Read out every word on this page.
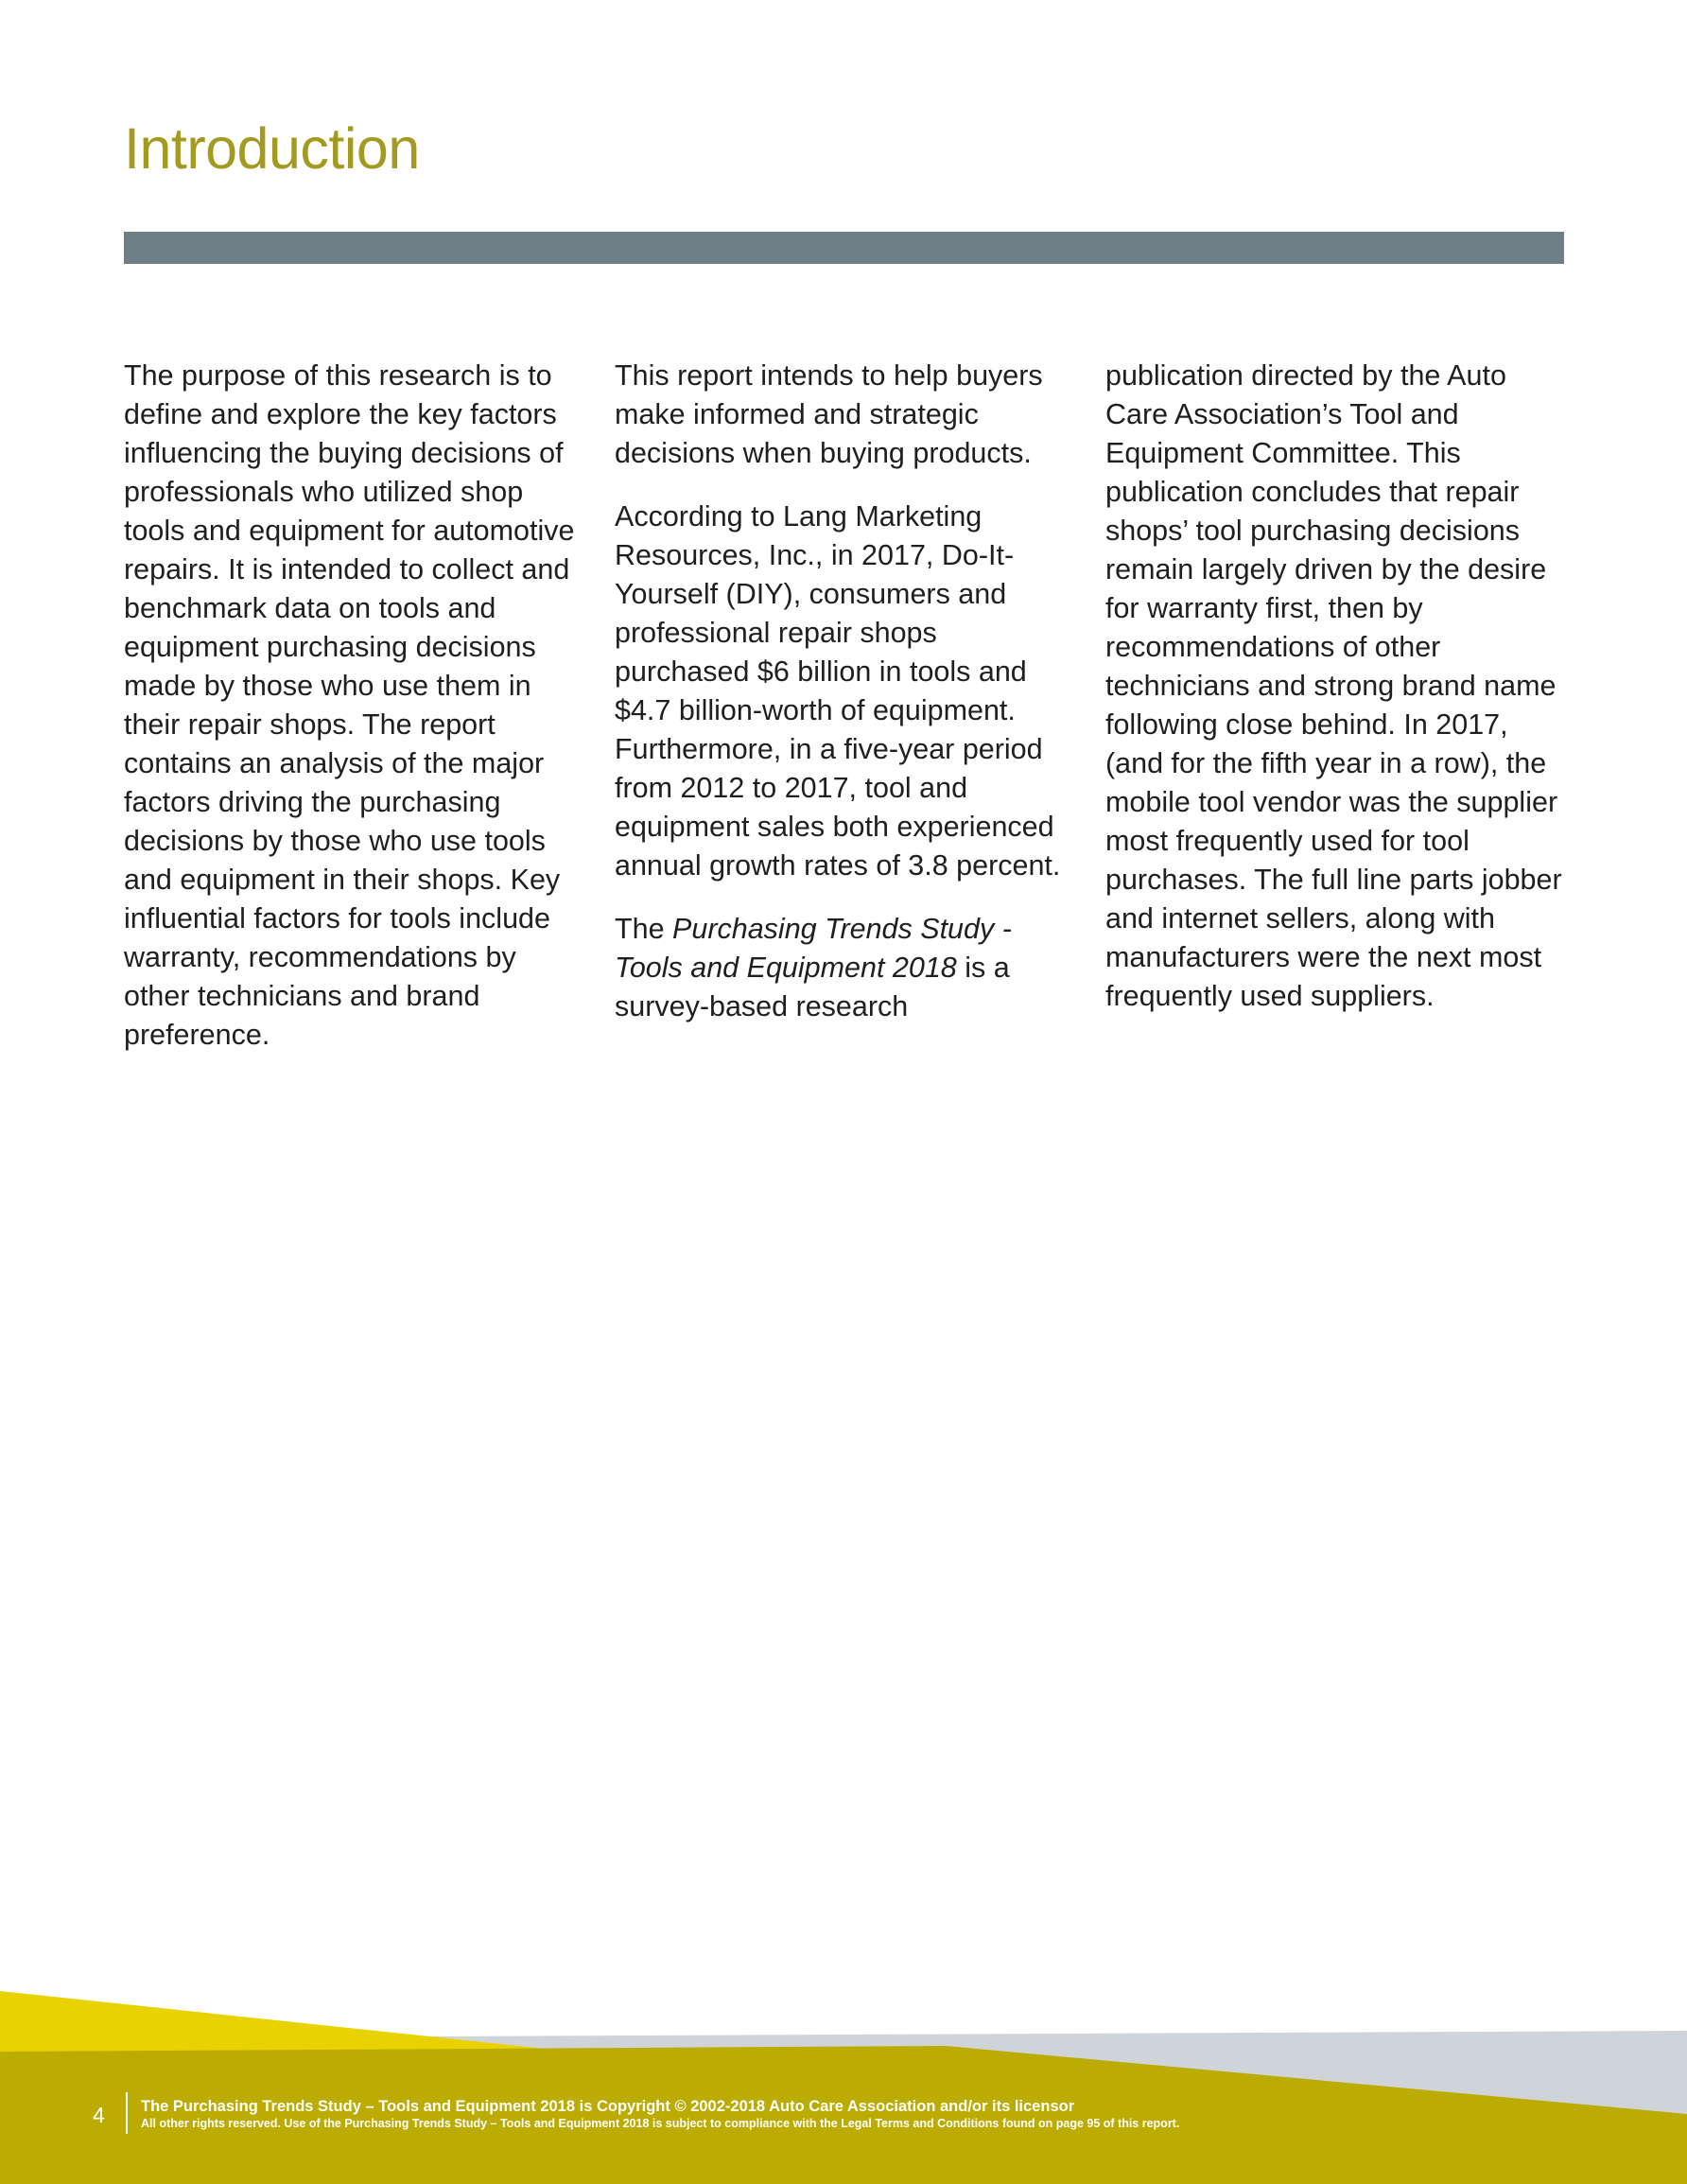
Introduction

The purpose of this research is to define and explore the key factors influencing the buying decisions of professionals who utilized shop tools and equipment for automotive repairs. It is intended to collect and benchmark data on tools and equipment purchasing decisions made by those who use them in their repair shops. The report contains an analysis of the major factors driving the purchasing decisions by those who use tools and equipment in their shops. Key influential factors for tools include warranty, recommendations by other technicians and brand preference.

This report intends to help buyers make informed and strategic decisions when buying products.

According to Lang Marketing Resources, Inc., in 2017, Do-It-Yourself (DIY), consumers and professional repair shops purchased $6 billion in tools and $4.7 billion-worth of equipment. Furthermore, in a five-year period from 2012 to 2017, tool and equipment sales both experienced annual growth rates of 3.8 percent.

The Purchasing Trends Study - Tools and Equipment 2018 is a survey-based research

publication directed by the Auto Care Association’s Tool and Equipment Committee. This publication concludes that repair shops’ tool purchasing decisions remain largely driven by the desire for warranty first, then by recommendations of other technicians and strong brand name following close behind. In 2017, (and for the fifth year in a row), the mobile tool vendor was the supplier most frequently used for tool purchases. The full line parts jobber and internet sellers, along with manufacturers were the next most frequently used suppliers.

4 The Purchasing Trends Study – Tools and Equipment 2018 is Copyright © 2002-2018 Auto Care Association and/or its licensor
All other rights reserved. Use of the Purchasing Trends Study – Tools and Equipment 2018 is subject to compliance with the Legal Terms and Conditions found on page 95 of this report.
